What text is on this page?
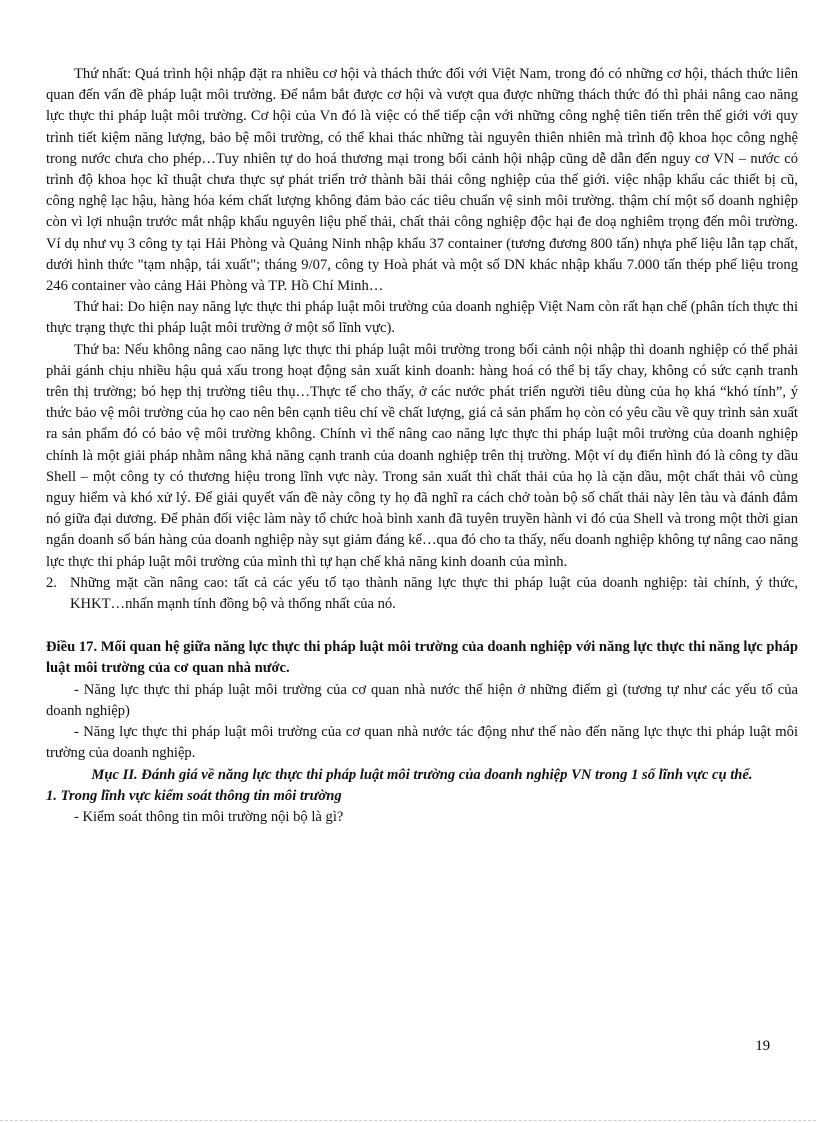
Thứ nhất: Quá trình hội nhập đặt ra nhiều cơ hội và thách thức đối với Việt Nam, trong đó có những cơ hội, thách thức liên quan đến vấn đề pháp luật môi trường. Để nắm bắt được cơ hội và vượt qua được những thách thức đó thì phải nâng cao năng lực thực thi pháp luật môi trường. Cơ hội của Vn đó là việc có thể tiếp cận với những công nghệ tiên tiến trên thế giới với quy trình tiết kiệm năng lượng, bảo bệ môi trường, có thể khai thác những tài nguyên thiên nhiên mà trình độ khoa học công nghệ trong nước chưa cho phép…Tuy nhiên tự do hoá thương mại trong bối cảnh hội nhập cũng dễ dẫn đến nguy cơ VN – nước có trình độ khoa học kĩ thuật chưa thực sự phát triển trở thành bãi thải công nghiệp của thế giới. việc nhập khẩu các thiết bị cũ, công nghệ lạc hậu, hàng hóa kém chất lượng không đảm bảo các tiêu chuẩn vệ sinh môi trường. thậm chí một số doanh nghiệp còn vì lợi nhuận trước mắt nhập khẩu nguyên liệu phế thải, chất thải công nghiệp độc hại đe doạ nghiêm trọng đến môi trường. Ví dụ như vụ 3 công ty tại Hải Phòng và Quảng Ninh nhập khẩu 37 container (tương đương 800 tấn) nhựa phế liệu lẫn tạp chất, dưới hình thức "tạm nhập, tái xuất"; tháng 9/07, công ty Hoà phát và một số DN khác nhập khẩu 7.000 tấn thép phế liệu trong 246 container vào cảng Hải Phòng và TP. Hồ Chí Minh…

Thứ hai: Do hiện nay năng lực thực thi pháp luật môi trường của doanh nghiệp Việt Nam còn rất hạn chế (phân tích thực thi thực trạng thực thi pháp luật môi trường ở một số lĩnh vực).

Thứ ba: Nếu không nâng cao năng lực thực thi pháp luật môi trường trong bối cảnh nội nhập thì doanh nghiệp có thể phải phải gánh chịu nhiều hậu quả xấu trong hoạt động sản xuất kinh doanh: hàng hoá có thể bị tẩy chay, không có sức cạnh tranh trên thị trường; bó hẹp thị trường tiêu thụ…Thực tế cho thấy, ở các nước phát triển người tiêu dùng của họ khá “khó tính”, ý thức bảo vệ môi trường của họ cao nên bên cạnh tiêu chí về chất lượng, giá cả sản phẩm họ còn có yêu cầu về quy trình sản xuất ra sản phẩm đó có bảo vệ môi trường không. Chính vì thế nâng cao năng lực thực thi pháp luật môi trường của doanh nghiệp chính là một giải pháp nhằm nâng khả năng cạnh tranh của doanh nghiệp trên thị trường. Một ví dụ điển hình đó là công ty dầu Shell – một công ty có thương hiệu trong lĩnh vực này. Trong sản xuất thì chất thải của họ là cặn dầu, một chất thải vô cùng nguy hiểm và khó xử lý. Để giải quyết vấn đề này công ty họ đã nghĩ ra cách chở toàn bộ số chất thải này lên tàu và đánh đắm nó giữa đại dương. Để phản đối việc làm này tổ chức hoà bình xanh đã tuyên truyền hành vi đó của Shell và trong một thời gian ngắn doanh số bán hàng của doanh nghiệp này sụt giảm đáng kể…qua đó cho ta thấy, nếu doanh nghiệp không tự nâng cao năng lực thực thi pháp luật môi trường của mình thì tự hạn chế khả năng kinh doanh của mình.

2. Những mặt cần nâng cao: tất cả các yếu tố tạo thành năng lực thực thi pháp luật của doanh nghiệp: tài chính, ý thức, KHKT…nhấn mạnh tính đồng bộ và thống nhất của nó.

Điều 17. Mối quan hệ giữa năng lực thực thi pháp luật môi trường của doanh nghiệp với năng lực thực thi năng lực pháp luật môi trường của cơ quan nhà nước.

- Năng lực thực thi pháp luật môi trường của cơ quan nhà nước thể hiện ở những điểm gì (tương tự như các yếu tố của doanh nghiệp)

- Năng lực thực thi pháp luật môi trường của cơ quan nhà nước tác động như thế nào đến năng lực thực thi pháp luật môi trường của doanh nghiệp.

Mục II. Đánh giá về năng lực thực thi pháp luật môi trường của doanh nghiệp VN trong 1 số lĩnh vực cụ thể.

1. Trong lĩnh vực kiểm soát thông tin môi trường

- Kiểm soát thông tin môi trường nội bộ là gì?

19
